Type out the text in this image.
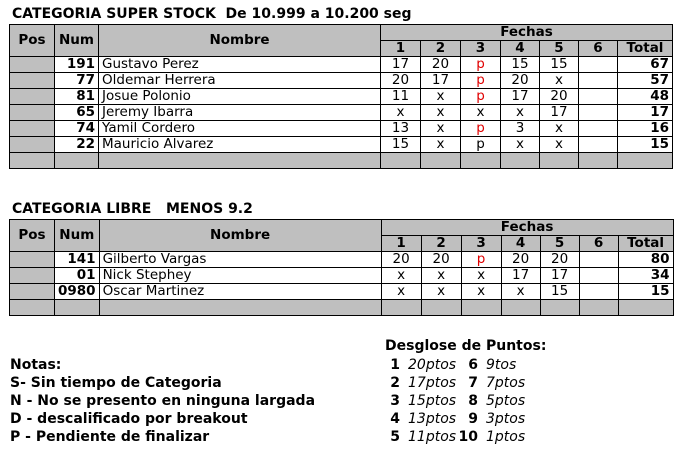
CATEGORIA SUPER STOCK  De 10.999 a 10.200 seg
Pos	Num	Nombre	Fechas						
			1	2	3	4	5	6	Total
	191	Gustavo Perez	17	20	p	15	15		67
	77	Oldemar Herrera	20	17	p	20	x		57
	81	Josue Polonio	11	x	p	17	20		48
	65	Jeremy Ibarra	x	x	x	x	17		17
	74	Yamil Cordero	13	x	p	3	x		16
	22	Mauricio Alvarez	15	x	p	x	x		15

CATEGORIA LIBRE   MENOS 9.2
Pos	Num	Nombre	Fechas						
			1	2	3	4	5	6	Total
	141	Gilberto Vargas	20	20	p	20	20		80
	01	Nick Stephey	x	x	x	17	17		34
	0980	Oscar Martinez	x	x	x	x	15		15

Notas:
S- Sin tiempo de Categoria
N - No se presento en ninguna largada
D - descalificado por breakout
P - Pendiente de finalizar
Desglose de Puntos:
1 20ptos 6 9tos
2 17ptos 7 7ptos
3 15ptos 8 5ptos
4 13ptos 9 3ptos
5 11ptos 10 1ptos
